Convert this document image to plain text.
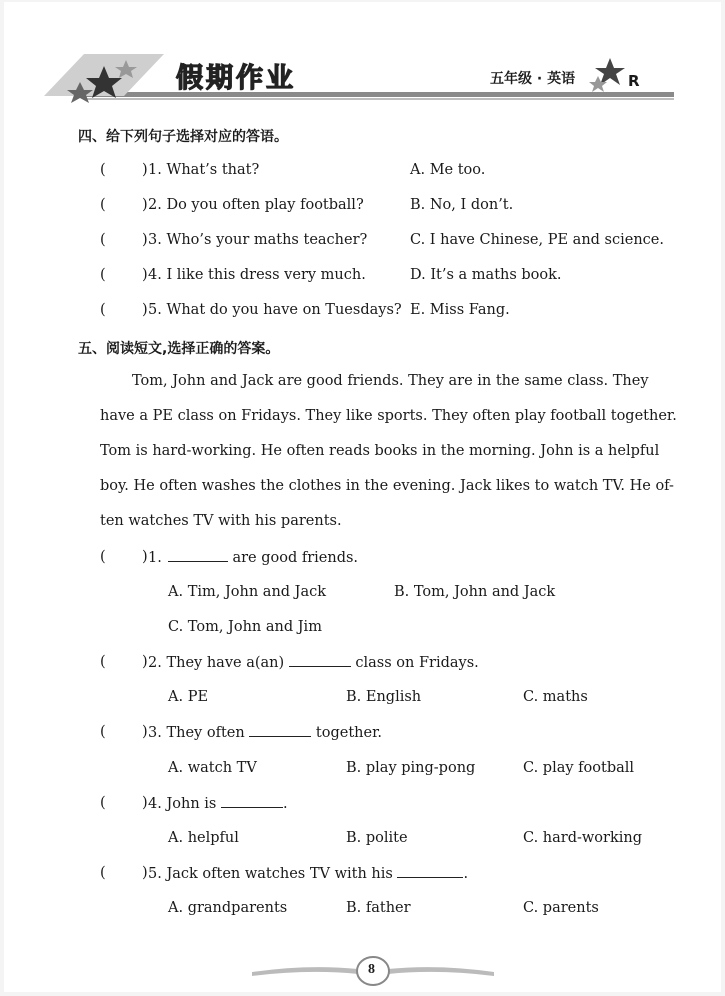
假期作业	五年级 · 英语	R
四、给下列句子选择对应的答语。
(	) 1. What’s that?	A. Me too.
(	) 2. Do you often play football?	B. No, I don’t.
(	) 3. Who’s your maths teacher?	C. I have Chinese, PE and science.
(	) 4. I like this dress very much.	D. It’s a maths book.
(	) 5. What do you have on Tuesdays? E. Miss Fang.
五、阅读短文,选择正确的答案。
Tom, John and Jack are good friends. They are in the same class. They
have a PE class on Fridays. They like sports. They often play football together.
Tom is hard-working. He often reads books in the morning. John is a helpful
boy. He often washes the clothes in the evening. Jack likes to watch TV. He of-
ten watches TV with his parents.
(	) 1.	are good friends.
A. Tim, John and Jack	B. Tom, John and Jack
C. Tom, John and Jim
(	) 2. They have a(an)	class on Fridays.
A. PE	B. English	C. maths
(	) 3. They often	together.
A. watch TV	B. play ping-pong	C. play football
(	) 4. John is	.
A. helpful	B. polite	C. hard-working
(	) 5. Jack often watches TV with his	.
A. grandparents	B. father	C. parents
8
